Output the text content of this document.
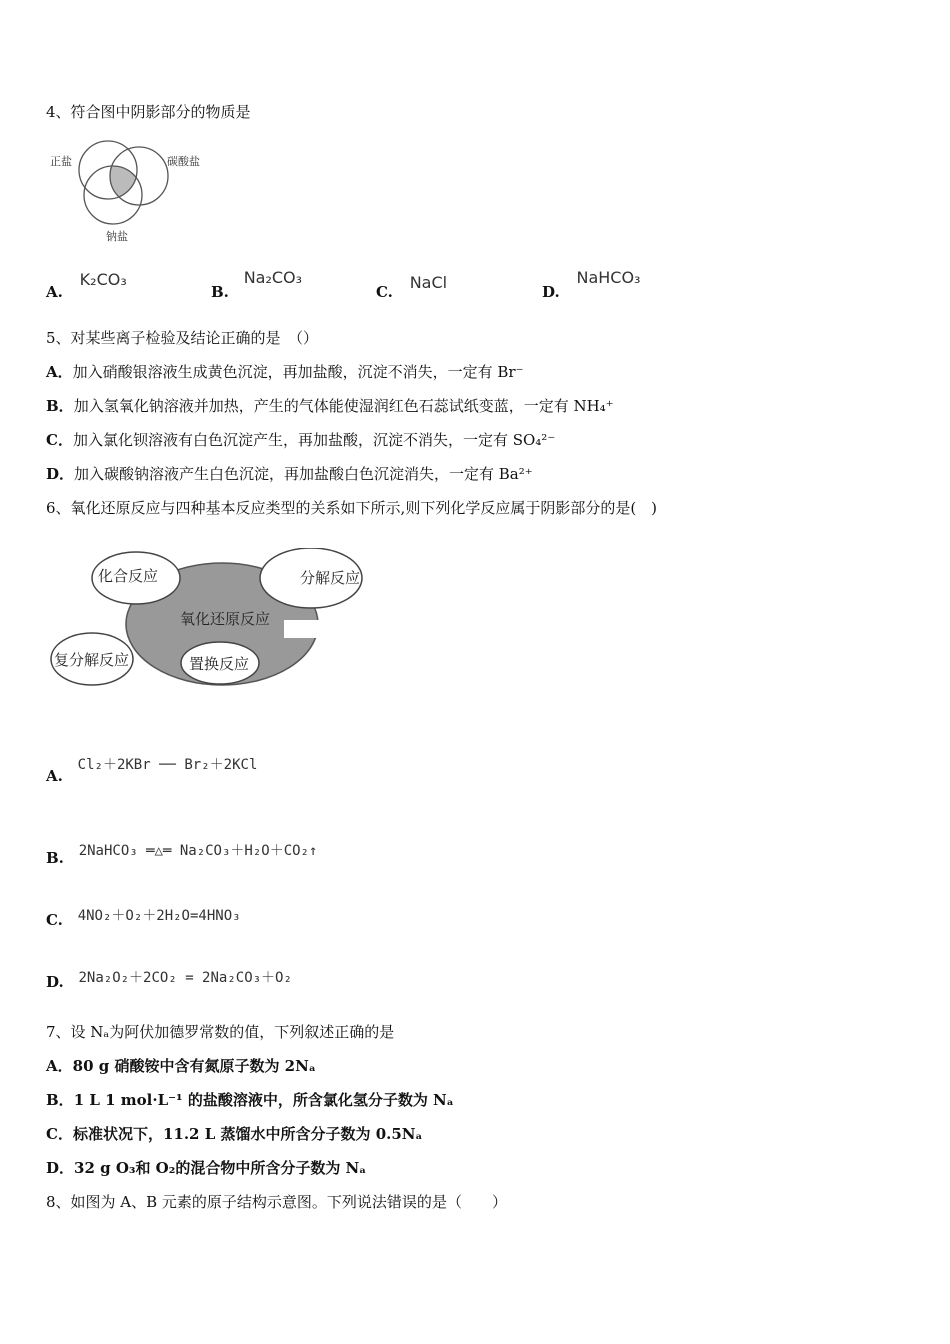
4、符合图中阴影部分的物质是
正盐	碳酸盐
钠盐
A. K₂CO₃
B. Na₂CO₃
C. NaCl	D. NaHCO₃
5、对某些离子检验及结论正确的是　（）
A．加入硝酸银溶液生成黄色沉淀，再加盐酸，沉淀不消失，一定有 Br⁻
B．加入氢氧化钠溶液并加热，产生的气体能使湿润红色石蕊试纸变蓝，一定有 NH₄⁺
C．加入氯化钡溶液有白色沉淀产生，再加盐酸，沉淀不消失，一定有 SO₄²⁻
D．加入碳酸钠溶液产生白色沉淀，再加盐酸白色沉淀消失，一定有 Ba²⁺
6、氧化还原反应与四种基本反应类型的关系如下所示,则下列化学反应属于阴影部分的是(　)
化合反应	分解反应
氧化还原反应
复分解反应	置换反应
A. Cl₂＋2KBr ── Br₂＋2KCl
B. 2NaHCO₃ ═△═ Na₂CO₃＋H₂O＋CO₂↑
C. 4NO₂＋O₂＋2H₂O=4HNO₃
D. 2Na₂O₂＋2CO₂ = 2Na₂CO₃＋O₂
7、设 Nₐ为阿伏加德罗常数的值，下列叙述正确的是
A．80 g 硝酸铵中含有氮原子数为 2Nₐ
B．1 L 1 mol·L⁻¹ 的盐酸溶液中，所含氯化氢分子数为 Nₐ
C．标准状况下，11.2 L 蒸馏水中所含分子数为 0.5Nₐ
D．32 g O₃和 O₂的混合物中所含分子数为 Nₐ
8、如图为 A、B 元素的原子结构示意图。下列说法错误的是（　　）
